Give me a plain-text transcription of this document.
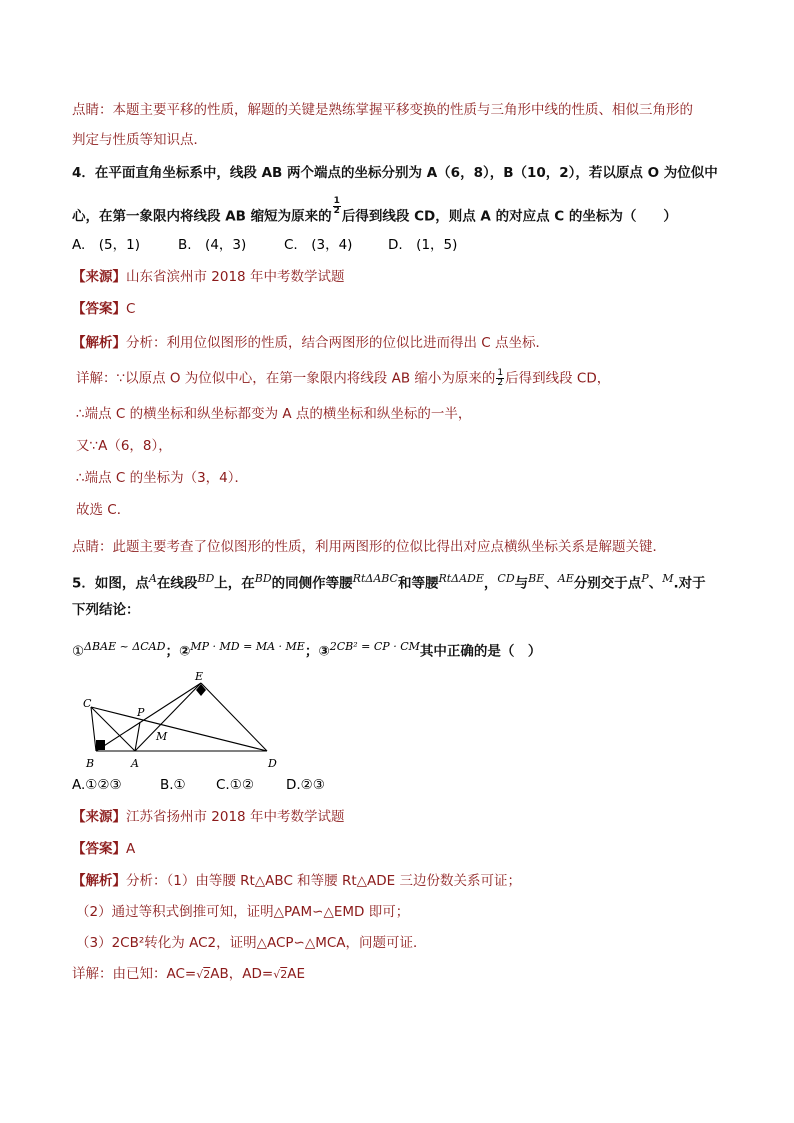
点睛：本题主要平移的性质，解题的关键是熟练掌握平移变换的性质与三角形中线的性质、相似三角形的
判定与性质等知识点．
4．在平面直角坐标系中，线段 AB 两个端点的坐标分别为 A（6，8），B（10，2），若以原点 O 为位似中
心，在第一象限内将线段 AB 缩短为原来的
$\frac{1}{2}$
后得到线段 CD，则点 A 的对应点 C 的坐标为（　　）
A.　(5，1)	B.　(4，3)	C.　(3，4)	D.　(1，5)
【来源】山东省滨州市 2018 年中考数学试题
【答案】C
【解析】分析：利用位似图形的性质，结合两图形的位似比进而得出 C 点坐标．
详解：∵以原点 O 为位似中心，在第一象限内将线段 AB 缩小为原来的 $\frac{1}{2}$ 后得到线段 CD，
∴端点 C 的横坐标和纵坐标都变为 A 点的横坐标和纵坐标的一半，
又∵A（6，8），
∴端点 C 的坐标为（3，4）．
故选 C．
点睛：此题主要考查了位似图形的性质，利用两图形的位似比得出对应点横纵坐标关系是解题关键．
5．如图，点$^A$在线段$^{BD}$上，在$^{BD}$的同侧作等腰$^{Rt\Delta ABC}$和等腰$^{Rt\Delta ADE}$，$^{CD}$与$^{BE}$、$^{AE}$分别交于点$^P$、$^M$.对于
下列结论：
①$^{\Delta BAE \sim \Delta CAD}$；②$^{MP \cdot MD = MA \cdot ME}$；③$^{2CB^2 = CP \cdot CM}$其中正确的是（　）
C
B	A
P
M
E
D
A.①②③	B.① C.①② D.②③
【来源】江苏省扬州市 2018 年中考数学试题
【答案】A
【解析】分析：（1）由等腰 Rt△ABC 和等腰 Rt△ADE 三边份数关系可证；
（2）通过等积式倒推可知，证明△PAM∽△EMD 即可；
（3）2CB²转化为 AC2，证明△ACP∽△MCA，问题可证．
详解：由已知：AC=√2AB，AD=√2AE
